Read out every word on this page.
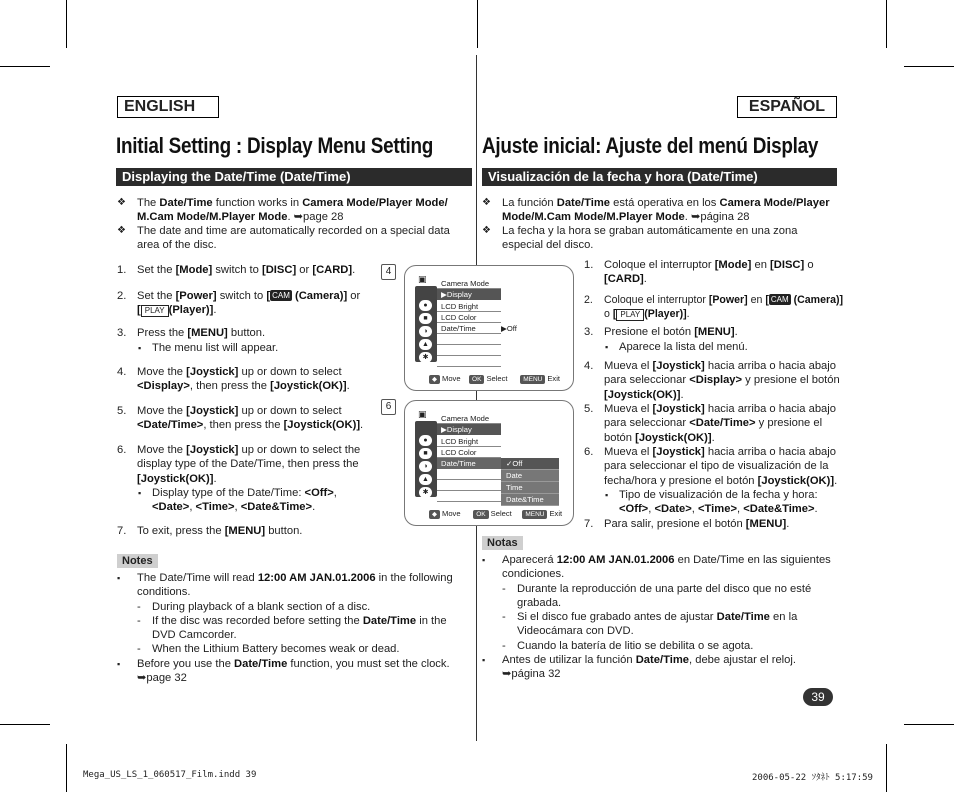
ENGLISH	ESPAÑOL
Initial Setting : Display Menu Setting Ajuste inicial: Ajuste del menú Display
Displaying the Date/Time (Date/Time)	Visualización de la fecha y hora (Date/Time)
❖ The Date/Time function works in Camera Mode/Player Mode/ M.Cam Mode/M.Player Mode. ➥page 28
❖ The date and time are automatically recorded on a special data area of the disc.
1. Set the [Mode] switch to [DISC] or [CARD].
2. Set the [Power] switch to [ CAM (Camera)] or
[ PLAY (Player)].
3. Press the [MENU] button.
▪ The menu list will appear.
4. Move the [Joystick] up or down to select <Display>, then press the [Joystick(OK)].
5. Move the [Joystick] up or down to select <Date/Time>, then press the [Joystick(OK)].
6. Move the [Joystick] up or down to select the display type of the Date/Time, then press the [Joystick(OK)].
▪ Display type of the Date/Time: <Off>, <Date>, <Time>, <Date&Time>.
7. To exit, press the [MENU] button.
Notes
▪ The Date/Time will read 12:00 AM JAN.01.2006 in the following conditions.
- During playback of a blank section of a disc.
- If the disc was recorded before setting the Date/Time in the DVD Camcorder.
- When the Lithium Battery becomes weak or dead.
▪ Before you use the Date/Time function, you must set the clock. ➥page 32
4
▣
●
■
◑
▲
✱
Camera Mode
▶Display
LCD Bright
LCD Color
Date/Time	▶Off
◆ Move OK Select MENU Exit
6
▣
●
■
◑
▲
✱
Camera Mode
▶Display
LCD Bright
LCD Color
Date/Time	✓Off
Date
Time
Date&Time
◆ Move OK Select MENU Exit
❖ La función Date/Time está operativa en los Camera Mode/Player Mode/M.Cam Mode/M.Player Mode. ➥página 28
❖ La fecha y la hora se graban automáticamente en una zona especial del disco.
1. Coloque el interruptor [Mode] en [DISC] o [CARD].
2. Coloque el interruptor [Power] en [ CAM (Camera)]
o [ PLAY (Player)].
3. Presione el botón [MENU].
▪ Aparece la lista del menú.
4. Mueva el [Joystick] hacia arriba o hacia abajo para seleccionar <Display> y presione el botón [Joystick(OK)].
5. Mueva el [Joystick] hacia arriba o hacia abajo para seleccionar <Date/Time> y presione el botón [Joystick(OK)].
6. Mueva el [Joystick] hacia arriba o hacia abajo para seleccionar el tipo de visualización de la fecha/hora y presione el botón [Joystick(OK)].
▪ Tipo de visualización de la fecha y hora: <Off>, <Date>, <Time>, <Date&Time>.
7. Para salir, presione el botón [MENU].
Notas
▪ Aparecerá 12:00 AM JAN.01.2006 en Date/Time en las siguientes condiciones.
- Durante la reproducción de una parte del disco que no esté grabada.
- Si el disco fue grabado antes de ajustar Date/Time en la Videocámara con DVD.
- Cuando la batería de litio se debilita o se agota.
▪ Antes de utilizar la función Date/Time, debe ajustar el reloj. ➥página 32
39
Mega_US_LS_1_060517_Film.indd 39	2006-05-22 ｿﾀﾈﾄ 5:17:59
